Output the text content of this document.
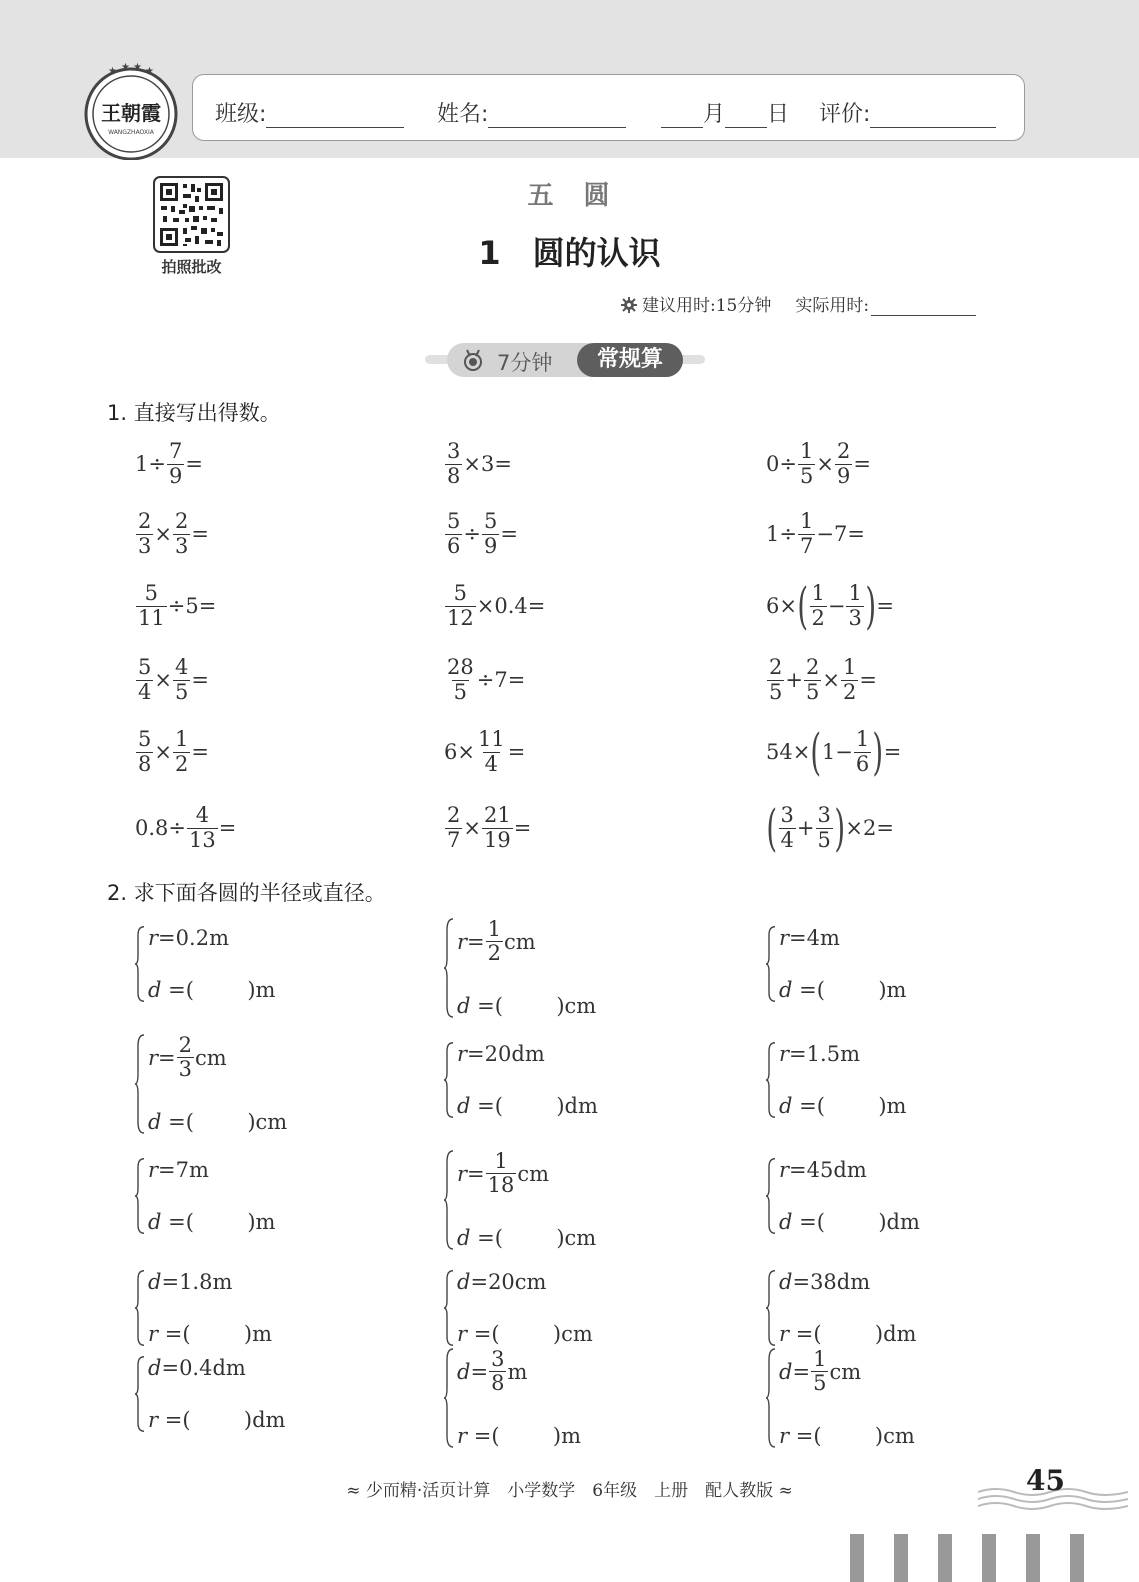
★ ★ ★ ★
王朝霞
WANGZHAOXIA
班级:	姓名:	月 日 评价:
拍照批改
五　圆
1　圆的认识
建议用时:15分钟 实际用时:
7分钟	常规算
1. 直接写出得数。
$1 \div \frac{7}{9}$ =	$\frac{3}{8} \times 3$ =	$0 \div \frac{1}{5} \times \frac{2}{9}$ =
$\frac{2}{3} \times \frac{2}{3}$ =	$\frac{5}{6} \div \frac{5}{9}$ =	$1 \div \frac{1}{7} - 7$ =
$\frac{5}{11} \div 5$ =	$\frac{5}{12} \times 0.4$ =	6 × ( $\frac{1}{2} - \frac{1}{3}$ ) =
$\frac{5}{4} \times \frac{4}{5}$ =	$\frac{28}{5} \div 7$ =	$\frac{2}{5} + \frac{2}{5} \times \frac{1}{2}$ =
$\frac{5}{8} \times \frac{1}{2}$ =	$6 \times \frac{11}{4}$ =	54 × ( $1 - \frac{1}{6}$ ) =
$0.8 \div \frac{4}{13}$ =	$\frac{2}{7} \times \frac{21}{19}$ =	( $\frac{3}{4} + \frac{3}{5}$ ) × 2 =
2. 求下面各圆的半径或直径。
r = 0.2 m
d =(        )m
$r = \frac{1}{2}$ cm
d =(        )cm
r = 4 m
d =(        )m
$r = \frac{2}{3}$ cm
d =(        )cm
r = 20 dm
d =(        )dm
r = 1.5 m
d =(        )m
r = 7 m
d =(        )m
$r = \frac{1}{18}$ cm
d =(        )cm
r = 45 dm
d =(        )dm
d = 1.8 m
r =(        )m
d = 20 cm
r =(        )cm
d = 38 dm
r =(        )dm
d = 0.4 dm
r =(        )dm
$d = \frac{3}{8}$ m
r =(        )m
$d = \frac{1}{5}$ cm
r =(        )cm
≈ 少而精·活页计算　小学数学　6年级　上册　配人教版 ≈	45
